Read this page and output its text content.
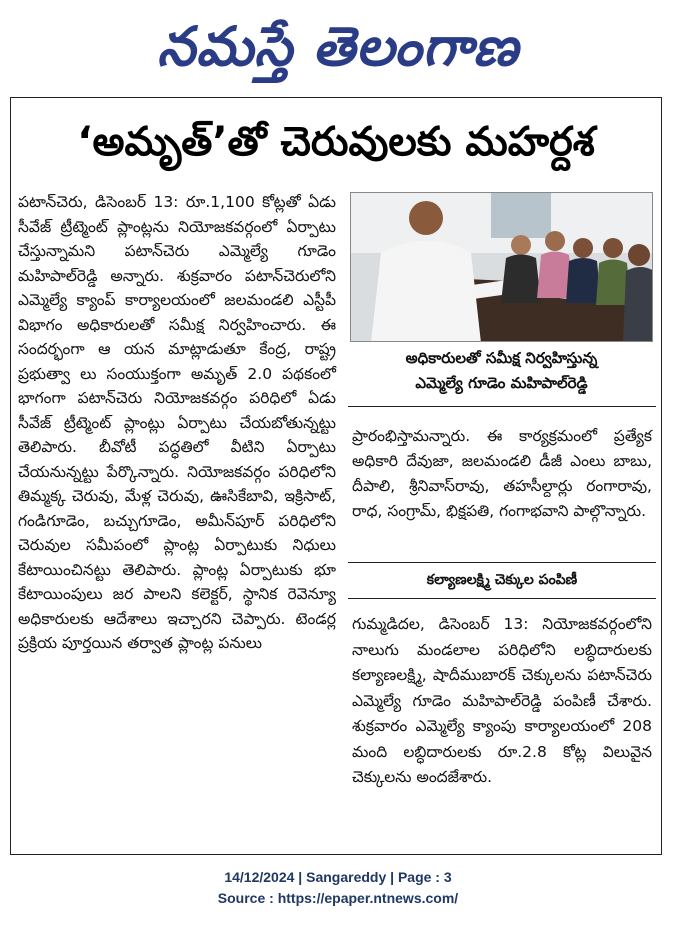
నమస్తే తెలంగాణ
‘అమృత్’తో చెరువులకు మహర్దశ

పటాన్‌చెరు, డిసెంబర్ 13: రూ.1,100 కోట్లతో ఏడు సీవేజ్ ట్రీట్మెంట్ ప్లాంట్లను నియోజకవర్గంలో ఏర్పాటు చేస్తున్నామని పటాన్‌చెరు ఎమ్మెల్యే గూడెం మహిపాల్‌రెడ్డి అన్నారు. శుక్రవారం పటాన్‌చెరులోని ఎమ్మెల్యే క్యాంప్ కార్యాలయంలో జలమండలి ఎస్టీపీ విభాగం అధికారులతో సమీక్ష నిర్వహించారు. ఈ సందర్భంగా ఆ యన మాట్లాడుతూ కేంద్ర, రాష్ట్ర ప్రభుత్వా లు సంయుక్తంగా అమృత్ 2.0 పథకంలో భాగంగా పటాన్‌చెరు నియోజకవర్గం పరిధిలో ఏడు సీవేజ్ ట్రీట్మెంట్ ప్లాంట్లు ఏర్పాటు చేయబోతున్నట్టు తెలిపారు. బీవోటీ పద్ధతిలో వీటిని ఏర్పాటు చేయనున్నట్టు పేర్కొన్నారు. నియోజకవర్గం పరిధిలోని తిమ్మక్క చెరువు, మేళ్ల చెరువు, ఊసికేబావి, ఇక్రిసాట్, గండిగూడెం, బచ్చుగూడెం, అమీన్‌పూర్ పరిధిలోని చెరువుల సమీపంలో ప్లాంట్ల ఏర్పాటుకు నిధులు కేటాయించినట్టు తెలిపారు. ప్లాంట్ల ఏర్పాటుకు భూ కేటాయింపులు జర పాలని కలెక్టర్, స్థానిక రెవెన్యూ అధికారులకు ఆదేశాలు ఇచ్చారని చెప్పారు. టెండర్ల ప్రక్రియ పూర్తయిన తర్వాత ప్లాంట్ల పనులు

అధికారులతో సమీక్ష నిర్వహిస్తున్న
ఎమ్మెల్యే గూడెం మహిపాల్‌రెడ్డి

ప్రారంభిస్తామన్నారు. ఈ కార్యక్రమంలో ప్రత్యేక అధికారి దేవుజా, జలమండలి డీజీ ఎంలు బాబు, దీపాలి, శ్రీనివాస్‌రావు, తహసీల్దార్లు రంగారావు, రాధ, సంగ్రామ్, భిక్షపతి, గంగాభవాని పాల్గొన్నారు.

కల్యాణలక్ష్మి చెక్కుల పంపిణీ

గుమ్మడిదల, డిసెంబర్ 13: నియోజకవర్గంలోని నాలుగు మండలాల పరిధిలోని లబ్ధిదారులకు కల్యాణలక్ష్మి, షాదీముబారక్ చెక్కులను పటాన్‌చెరు ఎమ్మెల్యే గూడెం మహిపాల్‌రెడ్డి పంపిణీ చేశారు. శుక్రవారం ఎమ్మెల్యే క్యాంపు కార్యాలయంలో 208 మంది లబ్ధిదారులకు రూ.2.8 కోట్ల విలువైన చెక్కులను అందజేశారు.

14/12/2024 | Sangareddy | Page : 3
Source : https://epaper.ntnews.com/
